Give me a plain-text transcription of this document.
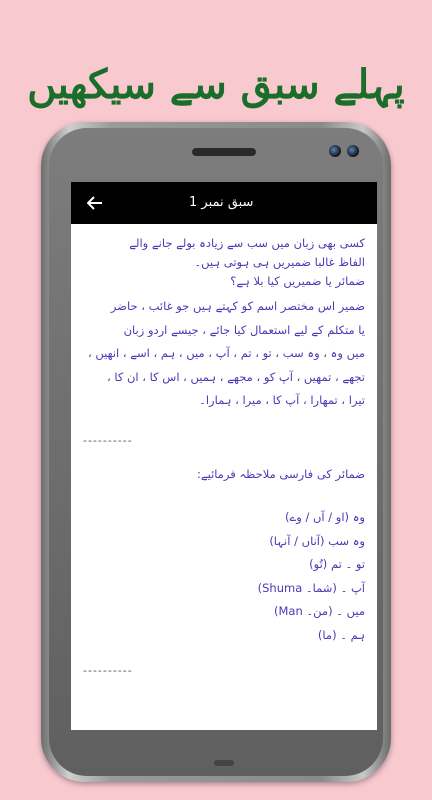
پہلے سبق سے سیکھیں
سبق نمبر 1

کسی بھی زبان میں سب سے زیادہ بولے جانے والے

الفاظ غالبا ضمیریں ہی ہوتی ہیں۔

ضمائر یا ضمیریں کیا بلا ہے؟

ضمیر اس مختصر اسم کو کہتے ہیں جو غائب ، حاضر

یا متکلم کے لیے استعمال کیا جائے ، جیسے اردو زبان

میں وہ ، وہ سب ، تو ، تم ، آپ ، میں ، ہم ، اسے ، انھیں ،

تجھے ، تمھیں ، آپ کو ، مجھے ، ہمیں ، اس کا ، ان کا ،

تیرا ، تمھارا ، آپ کا ، میرا ، ہمارا۔

----------

ضمائر کی فارسی ملاحظہ فرمائیے:

وہ (او / آں / وے)

وہ سب (آناں / آنہا)

تو ۔ تم (تُو)

آپ ۔ (شما۔ Shuma)

میں ۔ (من۔ Man)

ہم ۔ (ما)

----------
